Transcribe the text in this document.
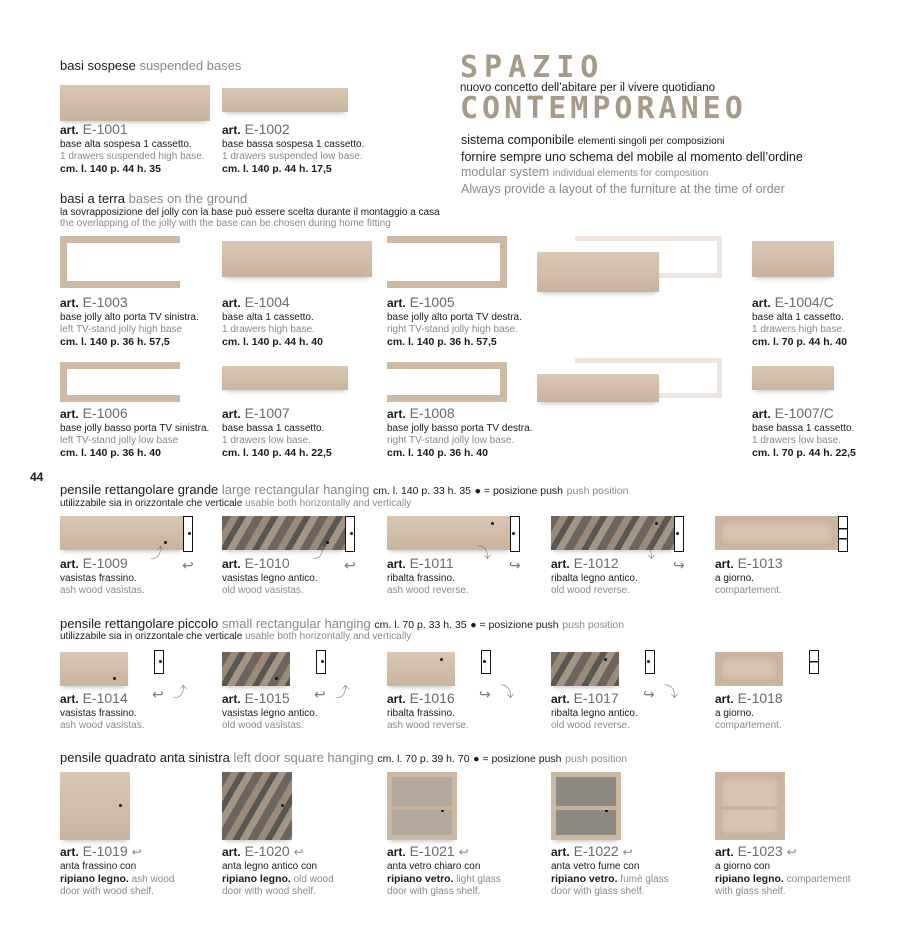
basi sospese suspended bases	SPAZIO
nuovo concetto dell’abitare per il vivere quotidiano
CONTEMPORANEO
sistema componibile elementi singoli per composizioni
fornire sempre uno schema del mobile al momento dell’ordine
modular system individual elements for composition
Always provide a layout of the furniture at the time of order
basi a terra bases on the ground
la sovrapposizione del jolly con la base può essere scelta durante il montaggio a casa
the overlapping of the jolly with the base can be chosen during home fitting
44
pensile rettangolare grande large rectangular hanging cm. l. 140 p. 33 h. 35 ● = posizione push push position
utilizzabile sia in orizzontale che verticale usable both horizontally and vertically
pensile rettangolare piccolo small rectangular hanging cm. l. 70 p. 33 h. 35 ● = posizione push push position
utilizzabile sia in orizzontale che verticale usable both horizontally and vertically
pensile quadrato anta sinistra left door square hanging cm. l. 70 p. 39 h. 70 ● = posizione push push position
art. E-1001
base alta sospesa 1 cassetto.
1 drawers suspended high base.
cm. l. 140 p. 44 h. 35
art. E-1002
base bassa sospesa 1 cassetto.
1 drawers suspended low base.
cm. l. 140 p. 44 h. 17,5
art. E-1003
base jolly alto porta TV sinistra.
left TV-stand jolly high base
cm. l. 140 p. 36 h. 57,5
art. E-1004
base alta 1 cassetto.
1 drawers high base.
cm. l. 140 p. 44 h. 40
art. E-1005
base jolly alto porta TV destra.
right TV-stand jolly high base.
cm. l. 140 p. 36 h. 57,5
art. E-1004/C
base alta 1 cassetto.
1 drawers high base.
cm. l. 70 p. 44 h. 40
art. E-1006
base jolly basso porta TV sinistra.
left TV-stand jolly low base
cm. l. 140 p. 36 h. 40
art. E-1007
base bassa 1 cassetto.
1 drawers low base.
cm. l. 140 p. 44 h. 22,5
art. E-1008
base jolly basso porta TV destra.
right TV-stand jolly low base.
cm. l. 140 p. 36 h. 40
art. E-1007/C
base bassa 1 cassetto.
1 drawers low base.
cm. l. 70 p. 44 h. 22,5
⤴
↩
art. E-1009
vasistas frassino.
ash wood vasistas.
⤴
↩
art. E-1010
vasistas legno antico.
old wood vasistas.
⤵
↪
art. E-1011
ribalta frassino.
ash wood reverse.
⤵
↪
art. E-1012
ribalta legno antico.
old wood reverse.
art. E-1013
a giorno.
compartement.
⤴
↩
art. E-1014
vasistas frassino.
ash wood vasistas.
⤴
↩
art. E-1015
vasistas legno antico.
old wood vasistas.
⤵
↪
art. E-1016
ribalta frassino.
ash wood reverse.
⤵
↪
art. E-1017
ribalta legno antico.
old wood reverse.
art. E-1018
a giorno.
compartement.
art. E-1019 ↩
anta frassino con
ripiano legno. ash wood
door with wood shelf.
art. E-1020 ↩
anta legno antico con
ripiano legno. old wood
door with wood shelf.
art. E-1021 ↩
anta vetro chiaro con
ripiano vetro. light glass
door with glass shelf.
art. E-1022 ↩
anta vetro fume con
ripiano vetro. fumè glass
door with glass shelf.
art. E-1023 ↩
a giorno con
ripiano legno. compartement
with glass shelf.
